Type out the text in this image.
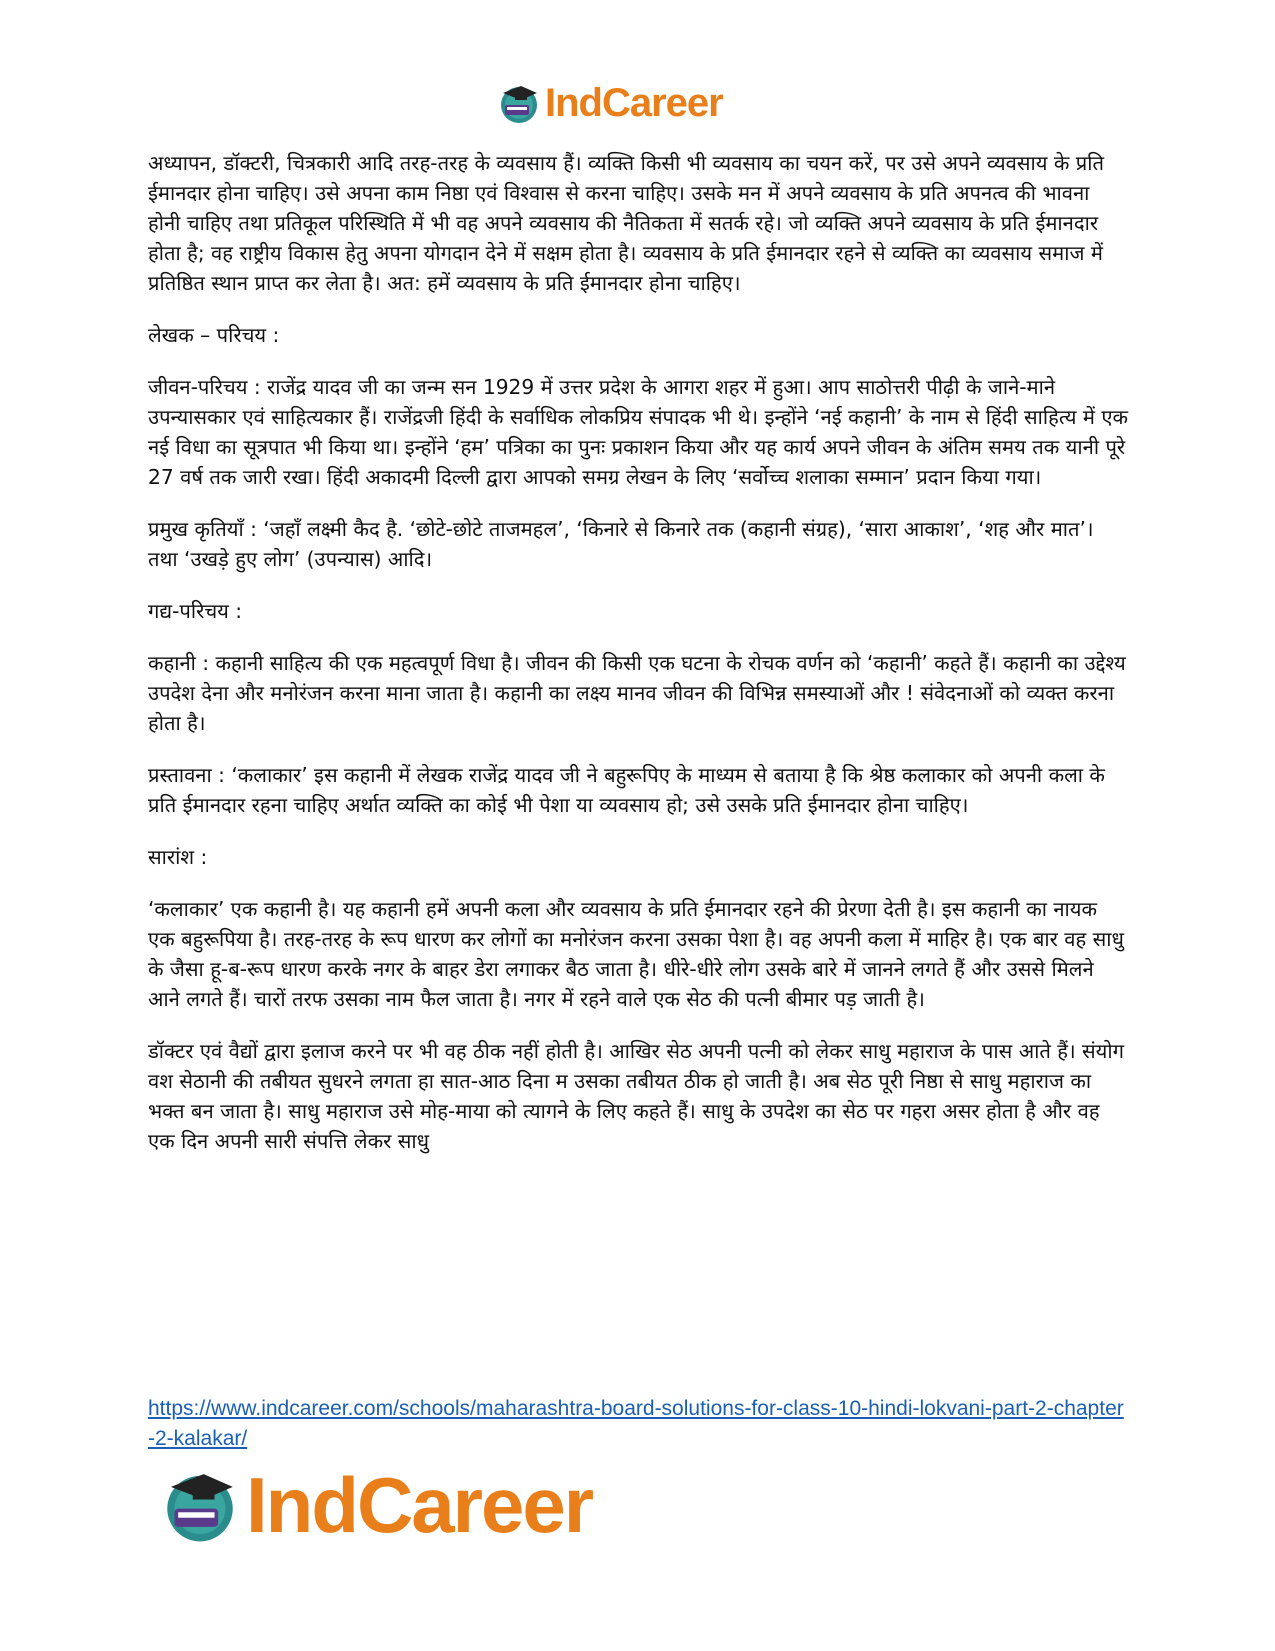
IndCareer

अध्यापन, डॉक्टरी, चित्रकारी आदि तरह-तरह के व्यवसाय हैं। व्यक्ति किसी भी व्यवसाय का चयन करें, पर उसे अपने व्यवसाय के प्रति ईमानदार होना चाहिए। उसे अपना काम निष्ठा एवं विश्वास से करना चाहिए। उसके मन में अपने व्यवसाय के प्रति अपनत्व की भावना होनी चाहिए तथा प्रतिकूल परिस्थिति में भी वह अपने व्यवसाय की नैतिकता में सतर्क रहे। जो व्यक्ति अपने व्यवसाय के प्रति ईमानदार होता है; वह राष्ट्रीय विकास हेतु अपना योगदान देने में सक्षम होता है। व्यवसाय के प्रति ईमानदार रहने से व्यक्ति का व्यवसाय समाज में प्रतिष्ठित स्थान प्राप्त कर लेता है। अत: हमें व्यवसाय के प्रति ईमानदार होना चाहिए।

लेखक – परिचय :

जीवन-परिचय : राजेंद्र यादव जी का जन्म सन 1929 में उत्तर प्रदेश के आगरा शहर में हुआ। आप साठोत्तरी पीढ़ी के जाने-माने उपन्यासकार एवं साहित्यकार हैं। राजेंद्रजी हिंदी के सर्वाधिक लोकप्रिय संपादक भी थे। इन्होंने ‘नई कहानी’ के नाम से हिंदी साहित्य में एक नई विधा का सूत्रपात भी किया था। इन्होंने ‘हम’ पत्रिका का पुनः प्रकाशन किया और यह कार्य अपने जीवन के अंतिम समय तक यानी पूरे 27 वर्ष तक जारी रखा। हिंदी अकादमी दिल्ली द्वारा आपको समग्र लेखन के लिए ‘सर्वोच्च शलाका सम्मान’ प्रदान किया गया।

प्रमुख कृतियाँ : ‘जहाँ लक्ष्मी कैद है. ‘छोटे-छोटे ताजमहल’, ‘किनारे से किनारे तक (कहानी संग्रह), ‘सारा आकाश’, ‘शह और मात’। तथा ‘उखड़े हुए लोग’ (उपन्यास) आदि।

गद्य-परिचय :

कहानी : कहानी साहित्य की एक महत्वपूर्ण विधा है। जीवन की किसी एक घटना के रोचक वर्णन को ‘कहानी’ कहते हैं। कहानी का उद्देश्य उपदेश देना और मनोरंजन करना माना जाता है। कहानी का लक्ष्य मानव जीवन की विभिन्न समस्याओं और ! संवेदनाओं को व्यक्त करना होता है।

प्रस्तावना : ‘कलाकार’ इस कहानी में लेखक राजेंद्र यादव जी ने बहुरूपिए के माध्यम से बताया है कि श्रेष्ठ कलाकार को अपनी कला के प्रति ईमानदार रहना चाहिए अर्थात व्यक्ति का कोई भी पेशा या व्यवसाय हो; उसे उसके प्रति ईमानदार होना चाहिए।

सारांश :

‘कलाकार’ एक कहानी है। यह कहानी हमें अपनी कला और व्यवसाय के प्रति ईमानदार रहने की प्रेरणा देती है। इस कहानी का नायक एक बहुरूपिया है। तरह-तरह के रूप धारण कर लोगों का मनोरंजन करना उसका पेशा है। वह अपनी कला में माहिर है। एक बार वह साधु के जैसा हू-ब-रूप धारण करके नगर के बाहर डेरा लगाकर बैठ जाता है। धीरे-धीरे लोग उसके बारे में जानने लगते हैं और उससे मिलने आने लगते हैं। चारों तरफ उसका नाम फैल जाता है। नगर में रहने वाले एक सेठ की पत्नी बीमार पड़ जाती है।

डॉक्टर एवं वैद्यों द्वारा इलाज करने पर भी वह ठीक नहीं होती है। आखिर सेठ अपनी पत्नी को लेकर साधु महाराज के पास आते हैं। संयोग वश सेठानी की तबीयत सुधरने लगता हा सात-आठ दिना म उसका तबीयत ठीक हो जाती है। अब सेठ पूरी निष्ठा से साधु महाराज का भक्त बन जाता है। साधु महाराज उसे मोह-माया को त्यागने के लिए कहते हैं। साधु के उपदेश का सेठ पर गहरा असर होता है और वह एक दिन अपनी सारी संपत्ति लेकर साधु

https://www.indcareer.com/schools/maharashtra-board-solutions-for-class-10-hindi-lokvani-part-2-chapter-2-kalakar/
IndCareer
